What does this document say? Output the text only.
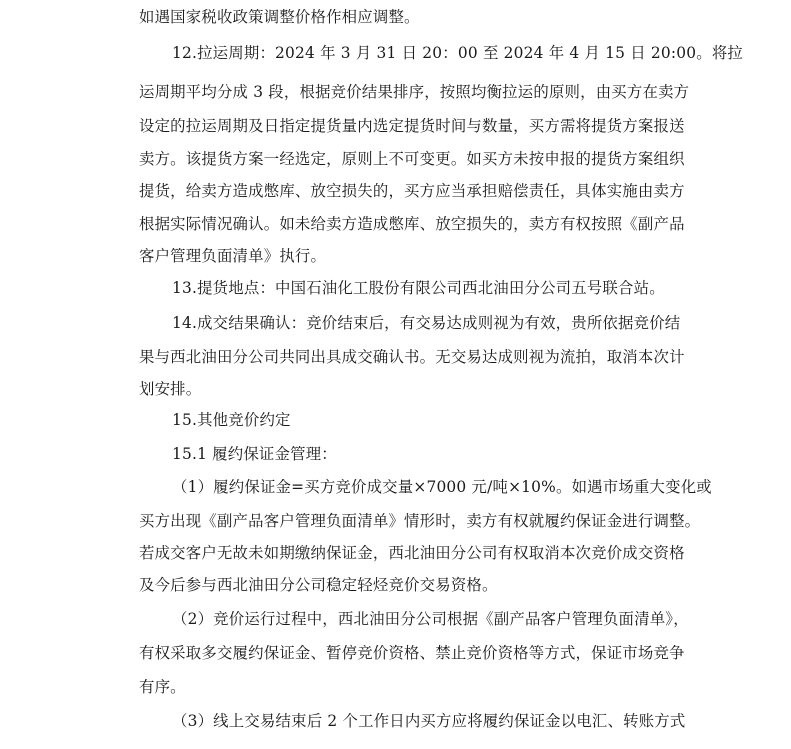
如遇国家税收政策调整价格作相应调整。
12.拉运周期：2024 年 3 月 31 日 20：00 至 2024 年 4 月 15 日 20:00。将拉
运周期平均分成 3 段，根据竞价结果排序，按照均衡拉运的原则，由买方在卖方
设定的拉运周期及日指定提货量内选定提货时间与数量，买方需将提货方案报送
卖方。该提货方案一经选定，原则上不可变更。如买方未按申报的提货方案组织
提货，给卖方造成憋库、放空损失的，买方应当承担赔偿责任，具体实施由卖方
根据实际情况确认。如未给卖方造成憋库、放空损失的，卖方有权按照《副产品
客户管理负面清单》执行。
13.提货地点：中国石油化工股份有限公司西北油田分公司五号联合站。
14.成交结果确认：竞价结束后，有交易达成则视为有效，贵所依据竞价结
果与西北油田分公司共同出具成交确认书。无交易达成则视为流拍，取消本次计
划安排。
15.其他竞价约定
15.1 履约保证金管理：
（1）履约保证金=买方竞价成交量×7000 元/吨×10%。如遇市场重大变化或
买方出现《副产品客户管理负面清单》情形时，卖方有权就履约保证金进行调整。
若成交客户无故未如期缴纳保证金，西北油田分公司有权取消本次竞价成交资格
及今后参与西北油田分公司稳定轻烃竞价交易资格。
（2）竞价运行过程中，西北油田分公司根据《副产品客户管理负面清单》，
有权采取多交履约保证金、暂停竞价资格、禁止竞价资格等方式，保证市场竞争
有序。
（3）线上交易结束后 2 个工作日内买方应将履约保证金以电汇、转账方式
